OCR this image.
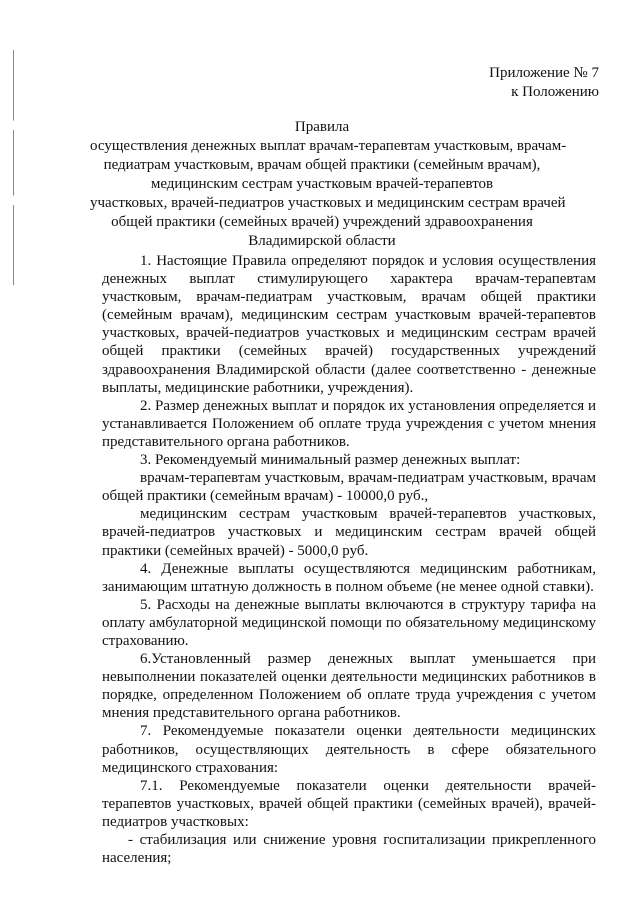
Приложение № 7
к Положению
Правила
осуществления денежных выплат врачам-терапевтам участковым, врачам-
педиатрам участковым, врачам общей практики (семейным врачам),
медицинским сестрам участковым врачей-терапевтов
участковых, врачей-педиатров участковых и медицинским сестрам врачей
общей практики (семейных врачей) учреждений здравоохранения
Владимирской области

1. Настоящие Правила определяют порядок и условия осуществления денежных выплат стимулирующего характера врачам-терапевтам участковым, врачам-педиатрам участковым, врачам общей практики (семейным врачам), медицинским сестрам участковым врачей-терапевтов участковых, врачей-педиатров участковых и медицинским сестрам врачей общей практики (семейных врачей) государственных учреждений здравоохранения Владимирской области (далее соответственно - денежные выплаты, медицинские работники, учреждения).

2. Размер денежных выплат и порядок их установления определяется и устанавливается Положением об оплате труда учреждения с учетом мнения представительного органа работников.

3. Рекомендуемый минимальный размер денежных выплат:

врачам-терапевтам участковым, врачам-педиатрам участковым, врачам общей практики (семейным врачам) - 10000,0 руб.,

медицинским сестрам участковым врачей-терапевтов участковых, врачей-педиатров участковых и медицинским сестрам врачей общей практики (семейных врачей) - 5000,0 руб.

4. Денежные выплаты осуществляются медицинским работникам, занимающим штатную должность в полном объеме (не менее одной ставки).

5. Расходы на денежные выплаты включаются в структуру тарифа на оплату амбулаторной медицинской помощи по обязательному медицинскому страхованию.

6.Установленный размер денежных выплат уменьшается при невыполнении показателей оценки деятельности медицинских работников в порядке, определенном Положением об оплате труда учреждения с учетом мнения представительного органа работников.

7. Рекомендуемые показатели оценки деятельности медицинских работников, осуществляющих деятельность в сфере обязательного медицинского страхования:

7.1. Рекомендуемые показатели оценки деятельности врачей-терапевтов участковых, врачей общей практики (семейных врачей), врачей-педиатров участковых:

- стабилизация или снижение уровня госпитализации прикрепленного населения;
